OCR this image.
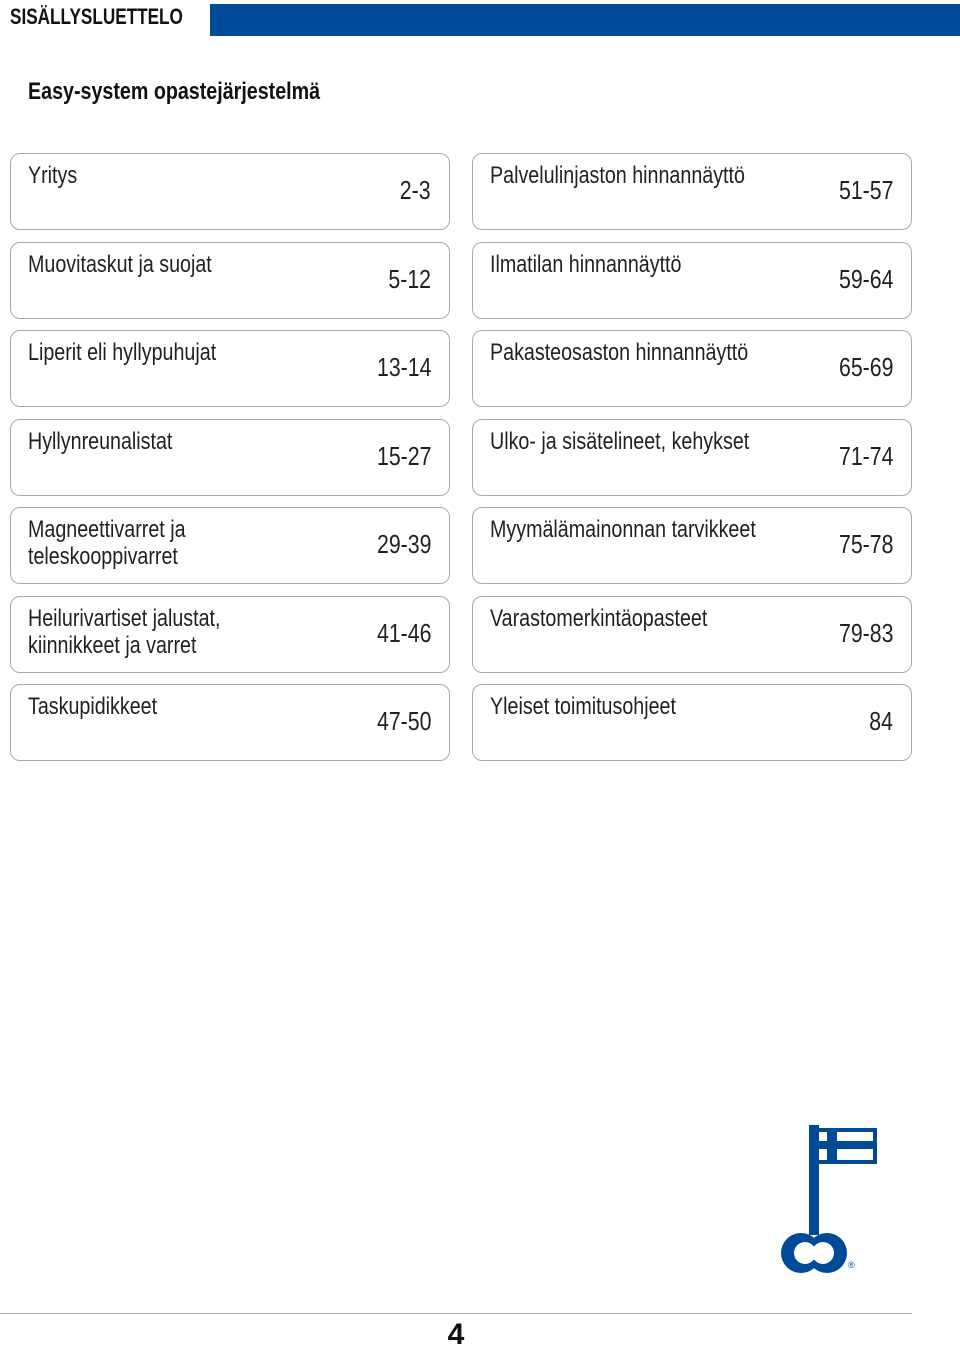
SISÄLLYSLUETTELO
Easy-system opastejärjestelmä
Yritys	2-3
Muovitaskut ja suojat	5-12
Liperit eli hyllypuhujat	13-14
Hyllynreunalistat	15-27
Magneettivarret ja
teleskooppivarret	29-39
Heilurivartiset jalustat,
kiinnikkeet ja varret	41-46
Taskupidikkeet	47-50
Palvelulinjaston hinnannäyttö	51-57
Ilmatilan hinnannäyttö	59-64
Pakasteosaston hinnannäyttö	65-69
Ulko- ja sisätelineet, kehykset	71-74
Myymälämainonnan tarvikkeet	75-78
Varastomerkintäopasteet	79-83
Yleiset toimitusohjeet	84
®
4
